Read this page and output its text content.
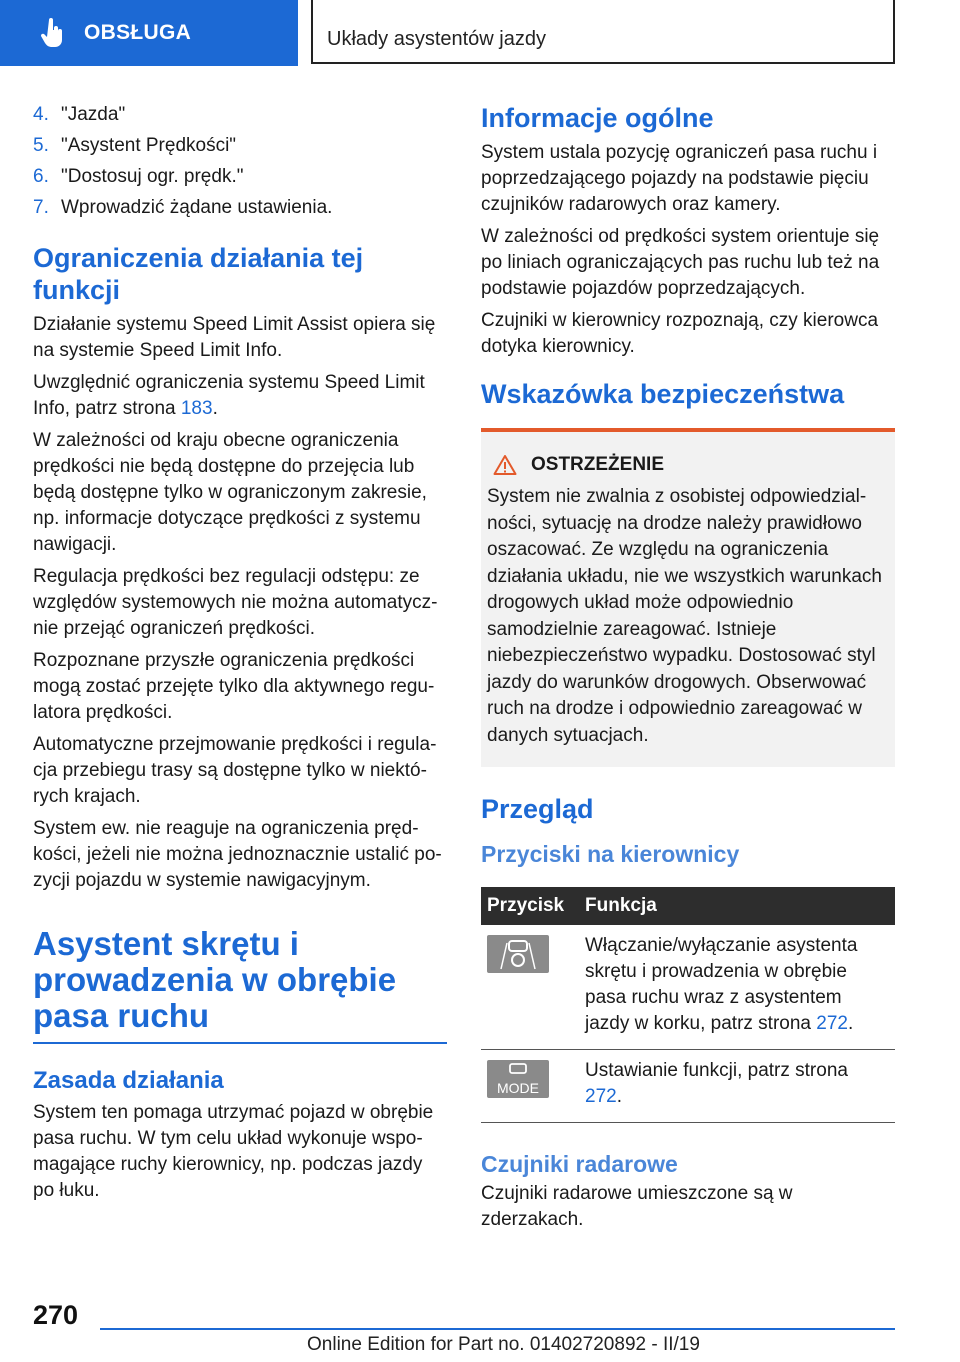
OBSŁUGA	Układy asystentów jazdy
4. "Jazda"
5. "Asystent Prędkości"
6. "Dostosuj ogr. prędk."
7. Wprowadzić żądane ustawienia.
Ograniczenia działania tej funkcji

Działanie systemu Speed Limit Assist opiera się na systemie Speed Limit Info.

Uwzględnić ograniczenia systemu Speed Limit Info, patrz strona 183.

W zależności od kraju obecne ograniczenia prędkości nie będą dostępne do przejęcia lub będą dostępne tylko w ograniczonym zakresie, np. informacje dotyczące prędkości z systemu nawigacji.

Regulacja prędkości bez regulacji odstępu: ze względów systemowych nie można automatycznie przejąć ograniczeń prędkości.

Rozpoznane przyszłe ograniczenia prędkości mogą zostać przejęte tylko dla aktywnego regulatora prędkości.

Automatyczne przejmowanie prędkości i regulacja przebiegu trasy są dostępne tylko w niektórych krajach.

System ew. nie reaguje na ograniczenia prędkości, jeżeli nie można jednoznacznie ustalić pozycji pojazdu w systemie nawigacyjnym.

Asystent skrętu i prowadzenia w obrębie pasa ruchu
Zasada działania

System ten pomaga utrzymać pojazd w obrębie pasa ruchu. W tym celu układ wykonuje wspomagające ruchy kierownicy, np. podczas jazdy po łuku.

Informacje ogólne

System ustala pozycję ograniczeń pasa ruchu i poprzedzającego pojazdy na podstawie pięciu czujników radarowych oraz kamery.

W zależności od prędkości system orientuje się po liniach ograniczających pas ruchu lub też na podstawie pojazdów poprzedzających.

Czujniki w kierownicy rozpoznają, czy kierowca dotyka kierownicy.

Wskazówka bezpieczeństwa
OSTRZEŻENIE
System nie zwalnia z osobistej odpowiedzialności, sytuację na drodze należy prawidłowo oszacować. Ze względu na ograniczenia działania układu, nie we wszystkich warunkach drogowych układ może odpowiednio samodzielnie zareagować. Istnieje niebezpieczeństwo wypadku. Dostosować styl jazdy do warunków drogowych. Obserwować ruch na drodze i odpowiednio zareagować w danych sytuacjach.
Przegląd
Przyciski na kierownicy
Przycisk	Funkcja

	Włączanie/wyłączanie asystenta skrętu i prowadzenia w obrębie pasa ruchu wraz z asystentem jazdy w korku, patrz strona 272.

MODE	Ustawianie funkcji, patrz strona 272.
Czujniki radarowe

Czujniki radarowe umieszczone są w zderzakach.

270
Online Edition for Part no. 01402720892 - II/19
